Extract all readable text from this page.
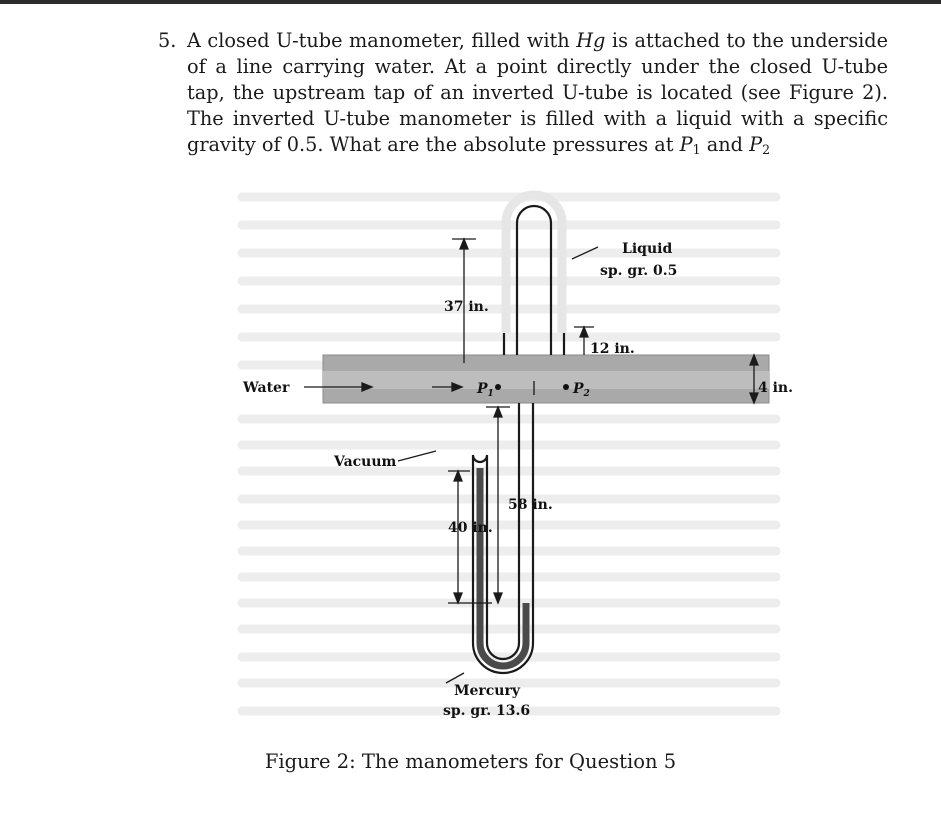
5. A closed U-tube manometer, filled with Hg is attached to the underside of a line carrying water. At a point directly under the closed U-tube tap, the upstream tap of an inverted U-tube is located (see Figure 2). The inverted U-tube manometer is filled with a liquid with a specific gravity of 0.5. What are the absolute pressures at $P_1$ and $P_2$
Liquid
sp. gr. 0.5
37 in.
12 in.
Water	$P_1$	$P_2$	4 in.
Vacuum
58 in.
40 in.
Mercury
sp. gr. 13.6
Figure 2: The manometers for Question 5
